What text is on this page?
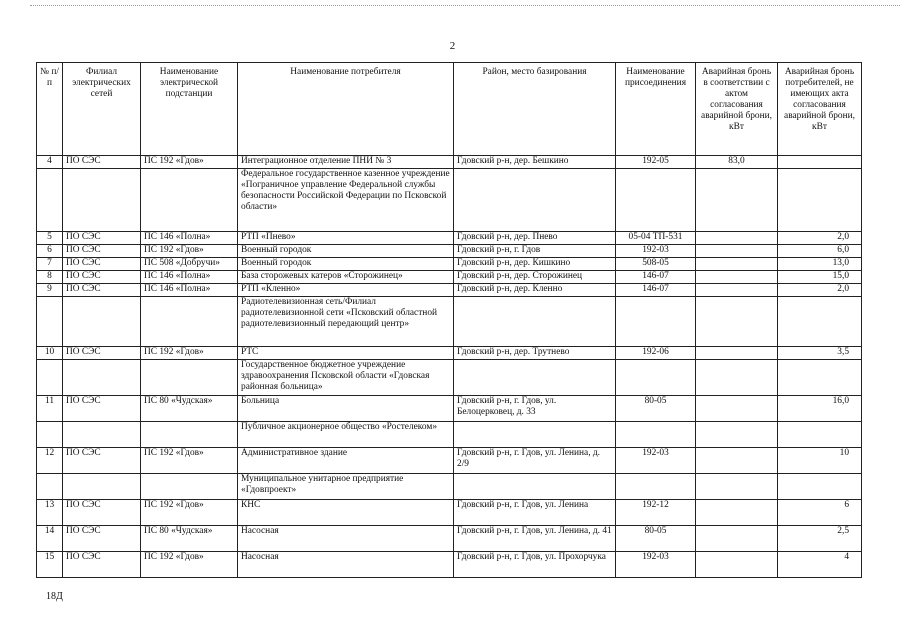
2
№ п/п	Филиал электрических сетей	Наименование электрической подстанции	Наименование потребителя	Район, место базирования	Наименование присоединения	Аварийная бронь в соответствии с актом согласования аварийной брони, кВт	Аварийная бронь потребителей, не имеющих акта согласования аварийной брони, кВт

4	ПО СЭС	ПС 192 «Гдов»	Интеграционное отделение ПНИ № 3	Гдовский р-н, дер. Бешкино	192-05	83,0	

			Федеральное государственное казенное учреждение «Пограничное управление Федеральной службы безопасности Российской Федерации по Псковской области»				

5	ПО СЭС	ПС 146 «Полна»	РТП «Пнево»	Гдовский р-н, дер. Пнево	05-04 ТП-531		2,0

6	ПО СЭС	ПС 192 «Гдов»	Военный городок	Гдовский р-н, г. Гдов	192-03		6,0

7	ПО СЭС	ПС 508 «Добручи»	Военный городок	Гдовский р-н, дер. Кишкино	508-05		13,0

8	ПО СЭС	ПС 146 «Полна»	База сторожевых катеров «Сторожинец»	Гдовский р-н, дер. Сторожинец	146-07		15,0

9	ПО СЭС	ПС 146 «Полна»	РТП «Кленно»	Гдовский р-н, дер. Кленно	146-07		2,0

			Радиотелевизионная сеть/Филиал радиотелевизионной сети «Псковский областной радиотелевизионный передающий центр»				

10	ПО СЭС	ПС 192 «Гдов»	РТС	Гдовский р-н, дер. Трутнево	192-06		3,5

			Государственное бюджетное учреждение здравоохранения Псковской области «Гдовская районная больница»				

11	ПО СЭС	ПС 80 «Чудская»	Больница	Гдовский р-н, г. Гдов, ул. Белоцерковец, д. 33	80-05		16,0

			Публичное акционерное общество «Ростелеком»				

12	ПО СЭС	ПС 192 «Гдов»	Административное здание	Гдовский р-н, г. Гдов, ул. Ленина, д. 2/9	192-03		10

			Муниципальное унитарное предприятие «Гдовпроект»				

13	ПО СЭС	ПС 192 «Гдов»	КНС	Гдовский р-н, г. Гдов, ул. Ленина	192-12		6

14	ПО СЭС	ПС 80 «Чудская»	Насосная	Гдовский р-н, г. Гдов, ул. Ленина, д. 41	80-05		2,5

15	ПО СЭС	ПС 192 «Гдов»	Насосная	Гдовский р-н, г. Гдов, ул. Прохорчука	192-03		4
18Д
